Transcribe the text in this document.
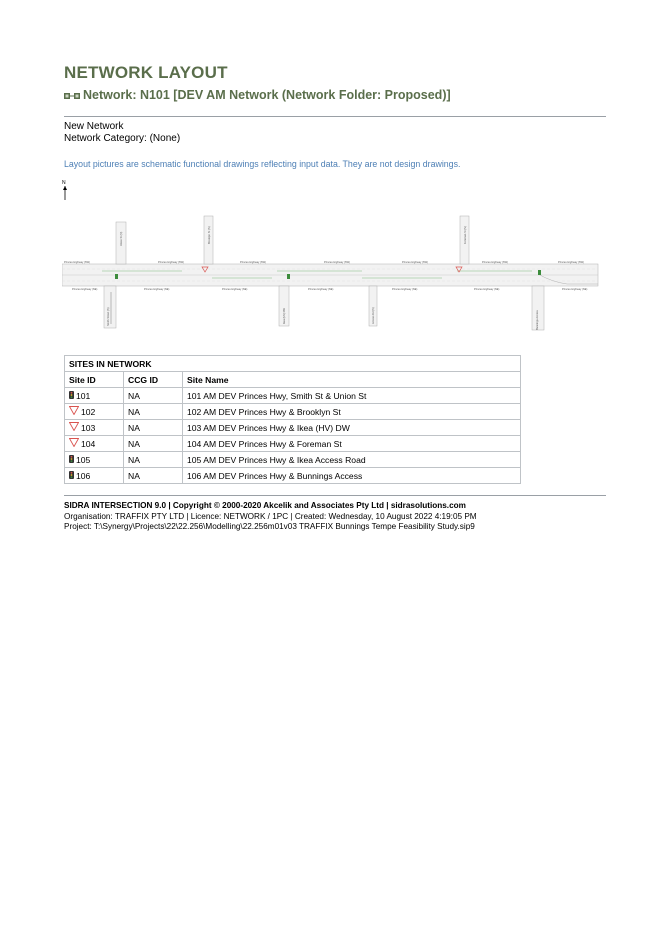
NETWORK LAYOUT
Network: N101 [DEV AM Network (Network Folder: Proposed)]
New Network
Network Category: (None)
Layout pictures are schematic functional drawings reflecting input data. They are not design drawings.
N
Princes Highway (SW)	Princes Highway (SW)	Princes Highway (SW)	Princes Highway (SW)	Princes Highway (SW)	Princes Highway (SW)	Princes Highway (SW)
Princes Highway (NE)	Princes Highway (NE)	Princes Highway (NE)	Princes Highway (NE)	Princes Highway (NE)	Princes Highway (NE)
Princes Highway (NE)
Union St (N)	Brooklyn St (N)	Foreman St (N)
Smith Street (S)	Access Rd (S)
Ikea (HV) DW	Bunnings Access
SITES IN NETWORK		
Site ID	CCG ID	Site Name

101	NA	101 AM DEV Princes Hwy, Smith St & Union St

102	NA	102 AM DEV Princes Hwy & Brooklyn St

103	NA	103 AM DEV Princes Hwy & Ikea (HV) DW

104	NA	104 AM DEV Princes Hwy & Foreman St

105	NA	105 AM DEV Princes Hwy & Ikea Access Road

106	NA	106 AM DEV Princes Hwy & Bunnings Access
SIDRA INTERSECTION 9.0 | Copyright © 2000-2020 Akcelik and Associates Pty Ltd | sidrasolutions.com
Organisation: TRAFFIX PTY LTD | Licence: NETWORK / 1PC | Created: Wednesday, 10 August 2022 4:19:05 PM
Project: T:\Synergy\Projects\22\22.256\Modelling\22.256m01v03 TRAFFIX Bunnings Tempe Feasibility Study.sip9
